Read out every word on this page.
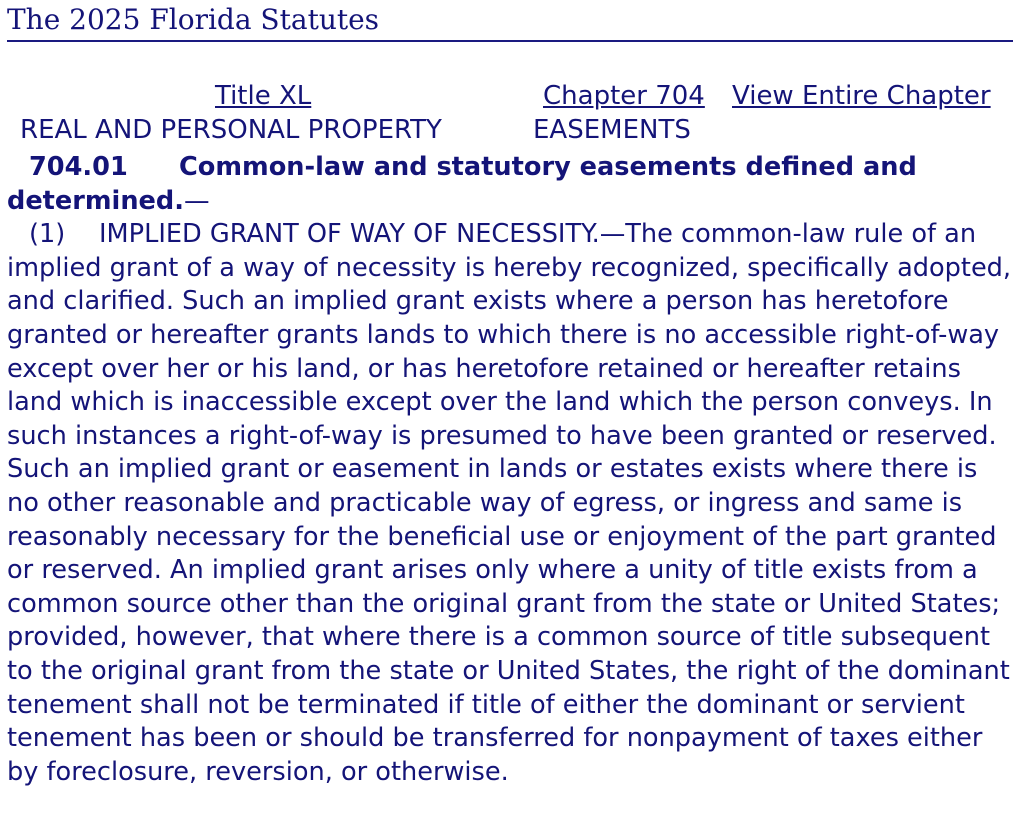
The 2025 Florida Statutes
Title XL	Chapter 704 View Entire Chapter
REAL AND PERSONAL PROPERTY	EASEMENTS

704.01 Common-law and statutory easements defined and determined.—

(1) IMPLIED GRANT OF WAY OF NECESSITY.—The common-law rule of an implied grant of a way of necessity is hereby recognized, specifically adopted, and clarified. Such an implied grant exists where a person has heretofore granted or hereafter grants lands to which there is no accessible right-of-way except over her or his land, or has heretofore retained or hereafter retains land which is inaccessible except over the land which the person conveys. In such instances a right-of-way is presumed to have been granted or reserved. Such an implied grant or easement in lands or estates exists where there is no other reasonable and practicable way of egress, or ingress and same is reasonably necessary for the beneficial use or enjoyment of the part granted or reserved. An implied grant arises only where a unity of title exists from a common source other than the original grant from the state or United States; provided, however, that where there is a common source of title subsequent to the original grant from the state or United States, the right of the dominant tenement shall not be terminated if title of either the dominant or servient tenement has been or should be transferred for nonpayment of taxes either by foreclosure, reversion, or otherwise.
